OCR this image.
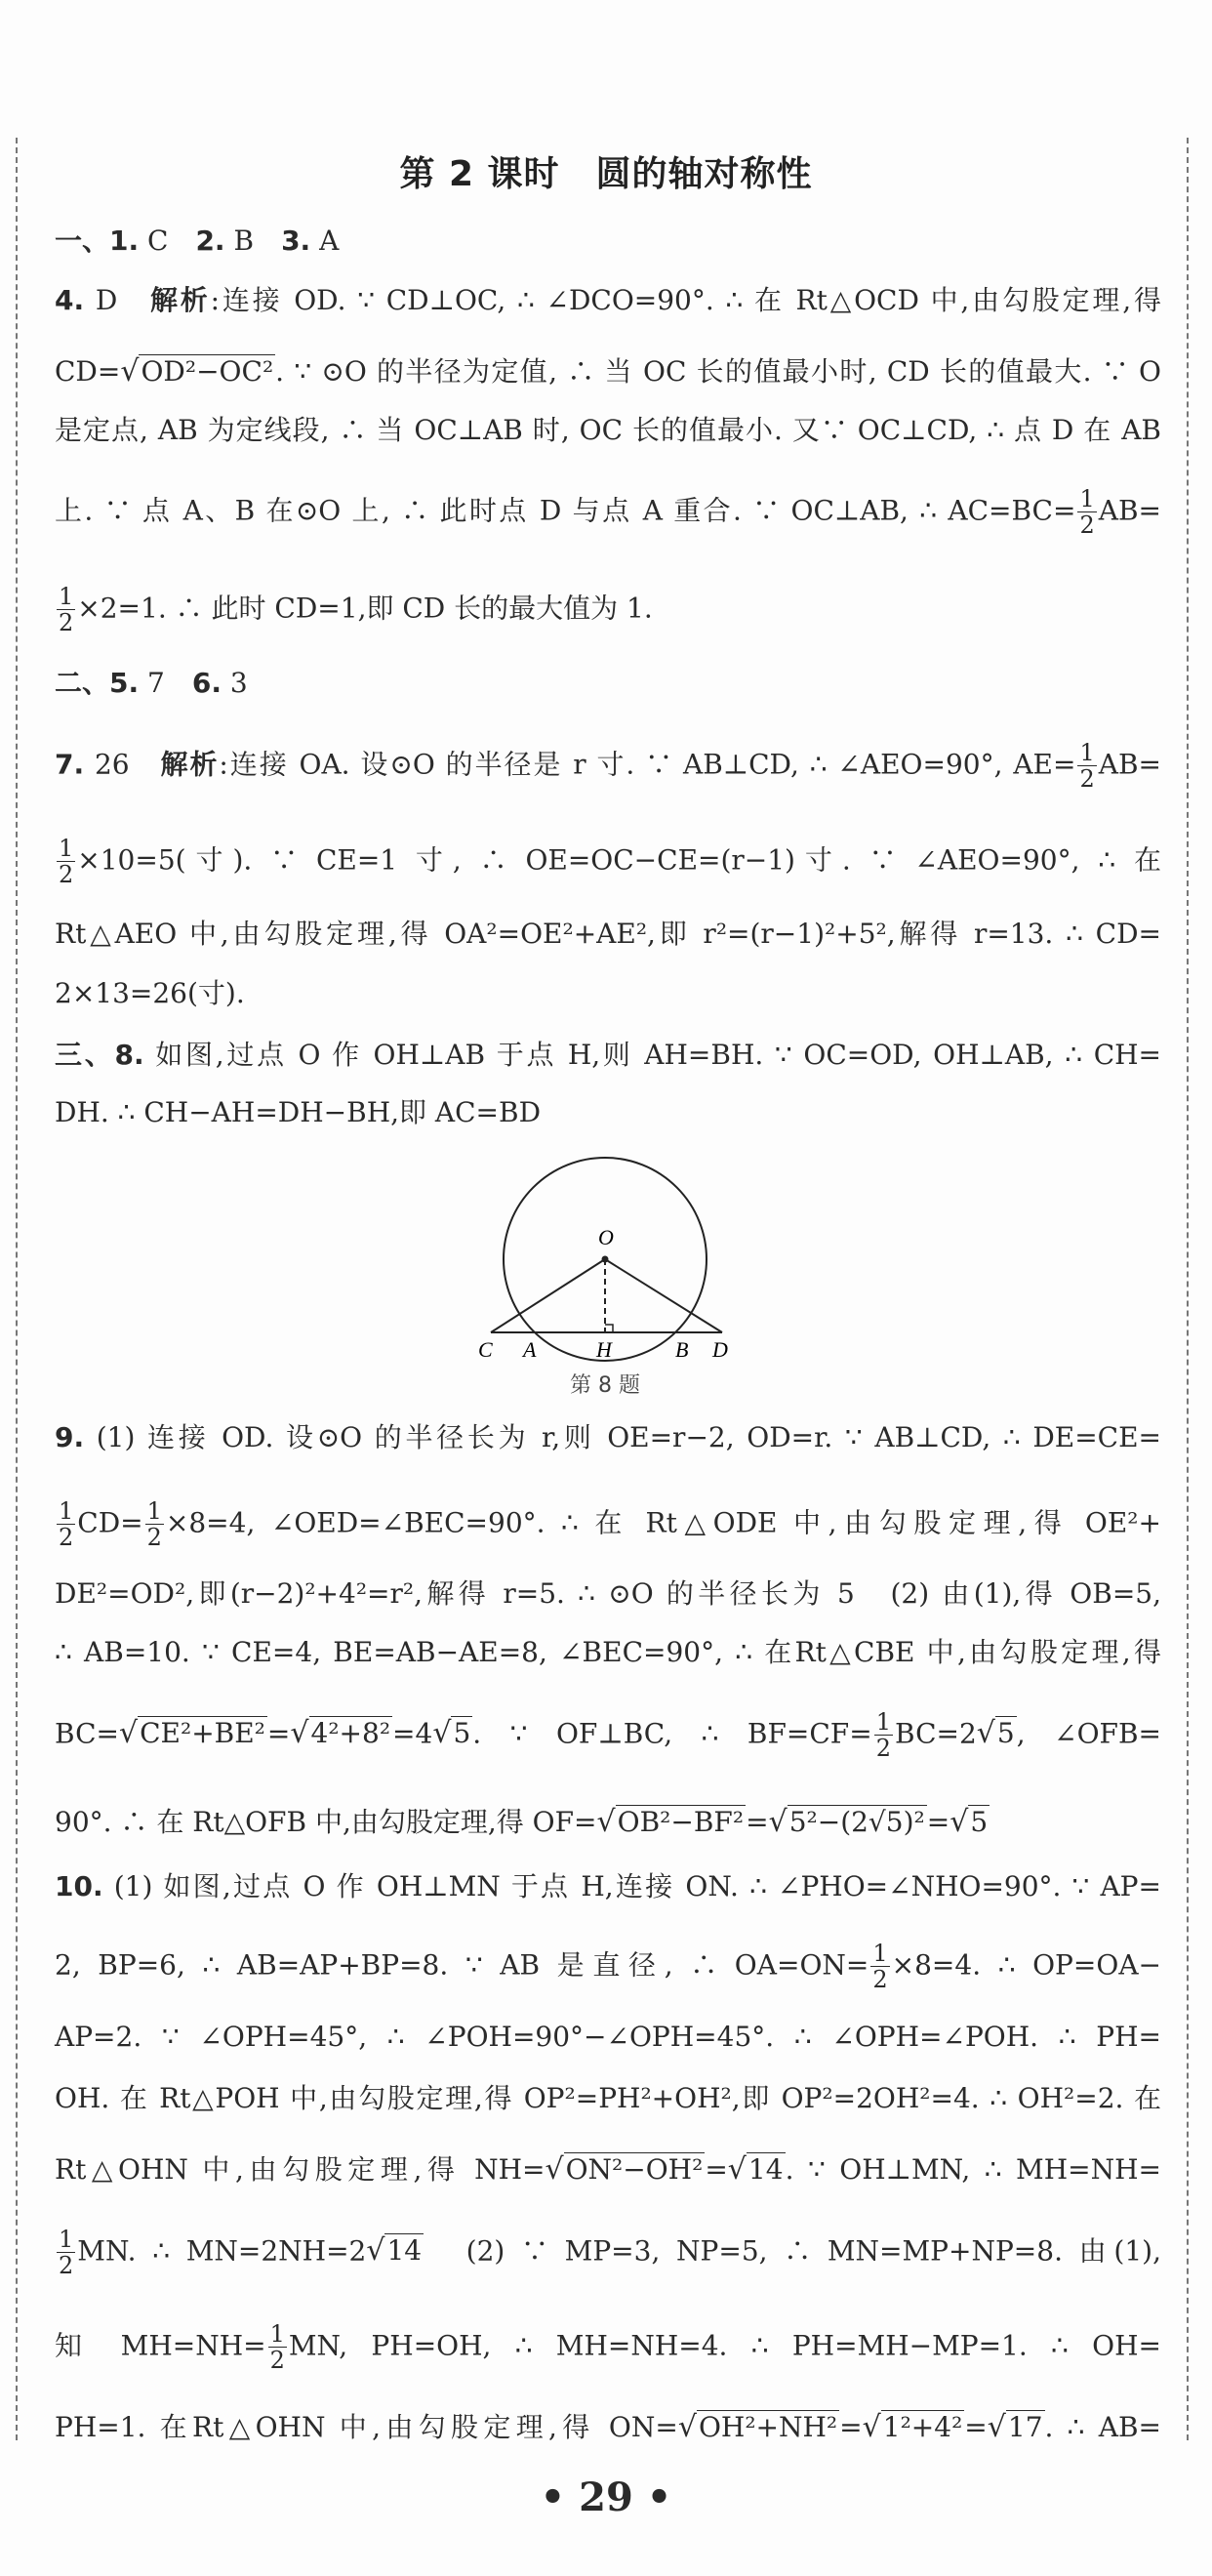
第 2 课时　圆的轴对称性
一、1. C　2. B　3. A
4. D　解析:连接 OD. ∵ CD⊥OC, ∴ ∠DCO=90°. ∴ 在 Rt△OCD 中,由勾股定理,得
CD=√OD²−OC². ∵ ⊙O 的半径为定值, ∴ 当 OC 长的值最小时, CD 长的值最大. ∵ O
是定点, AB 为定线段, ∴ 当 OC⊥AB 时, OC 长的值最小. 又∵ OC⊥CD, ∴ 点 D 在 AB
上. ∵ 点 A、B 在⊙O 上, ∴ 此时点 D 与点 A 重合. ∵ OC⊥AB, ∴ $AC=BC= \frac{1}{2} AB=$
$\frac{1}{2} \times 2=1$. ∴ 此时 CD=1,即 CD 长的最大值为 1.
二、5. 7　6. 3
7. 26　解析:连接 OA. 设⊙O 的半径是 r 寸. ∵ AB⊥CD, ∴ ∠AEO=90°, $AE= \frac{1}{2} AB=$
$\frac{1}{2} \times 10=5$(寸). ∵ CE=1 寸, ∴ OE=OC−CE=(r−1)寸. ∵ ∠AEO=90°, ∴ 在
Rt△AEO 中,由勾股定理,得 OA²=OE²+AE²,即 r²=(r−1)²+5²,解得 r=13. ∴ CD=
2×13=26(寸).
三、8. 如图,过点 O 作 OH⊥AB 于点 H,则 AH=BH. ∵ OC=OD, OH⊥AB, ∴ CH=
DH. ∴ CH−AH=DH−BH,即 AC=BD
9. (1) 连接 OD. 设⊙O 的半径长为 r,则 OE=r−2, OD=r. ∵ AB⊥CD, ∴ DE=CE=
$\frac{1}{2} CD= \frac{1}{2} \times 8=4$, ∠OED=∠BEC=90°. ∴ 在 Rt△ODE 中,由勾股定理,得 OE²+
DE²=OD²,即(r−2)²+4²=r²,解得 r=5. ∴ ⊙O 的半径长为 5　(2) 由(1),得 OB=5,
∴ AB=10. ∵ CE=4, BE=AB−AE=8, ∠BEC=90°, ∴ 在Rt△CBE 中,由勾股定理,得
BC=√CE²+BE²=√4²+8²=4√5. ∵ OF⊥BC, ∴ $BF=CF= \frac{1}{2} BC=2√5$, ∠OFB=
90°. ∴ 在 Rt△OFB 中,由勾股定理,得 OF=√OB²−BF²=√5²−(2√5)²=√5
10. (1) 如图,过点 O 作 OH⊥MN 于点 H,连接 ON. ∴ ∠PHO=∠NHO=90°. ∵ AP=
2, BP=6, ∴ AB=AP+BP=8. ∵ AB 是直径, ∴ $OA=ON= \frac{1}{2} \times 8=4$. ∴ OP=OA−
AP=2. ∵ ∠OPH=45°, ∴ ∠POH=90°−∠OPH=45°. ∴ ∠OPH=∠POH. ∴ PH=
OH. 在 Rt△POH 中,由勾股定理,得 OP²=PH²+OH²,即 OP²=2OH²=4. ∴ OH²=2. 在
Rt△OHN 中,由勾股定理,得 NH=√ON²−OH²=√14. ∵ OH⊥MN, ∴ MH=NH=
$\frac{1}{2}$ MN. ∴ MN=2NH=2√14　(2) ∵ MP=3, NP=5, ∴ MN=MP+NP=8. 由(1),
知 $MH=NH= \frac{1}{2}$ MN, PH=OH, ∴ MH=NH=4. ∴ PH=MH−MP=1. ∴ OH=
PH=1. 在Rt△OHN 中,由勾股定理,得 ON=√OH²+NH²=√1²+4²=√17. ∴ AB=
O
C A	H	B D
第 8 题
• 29 •
